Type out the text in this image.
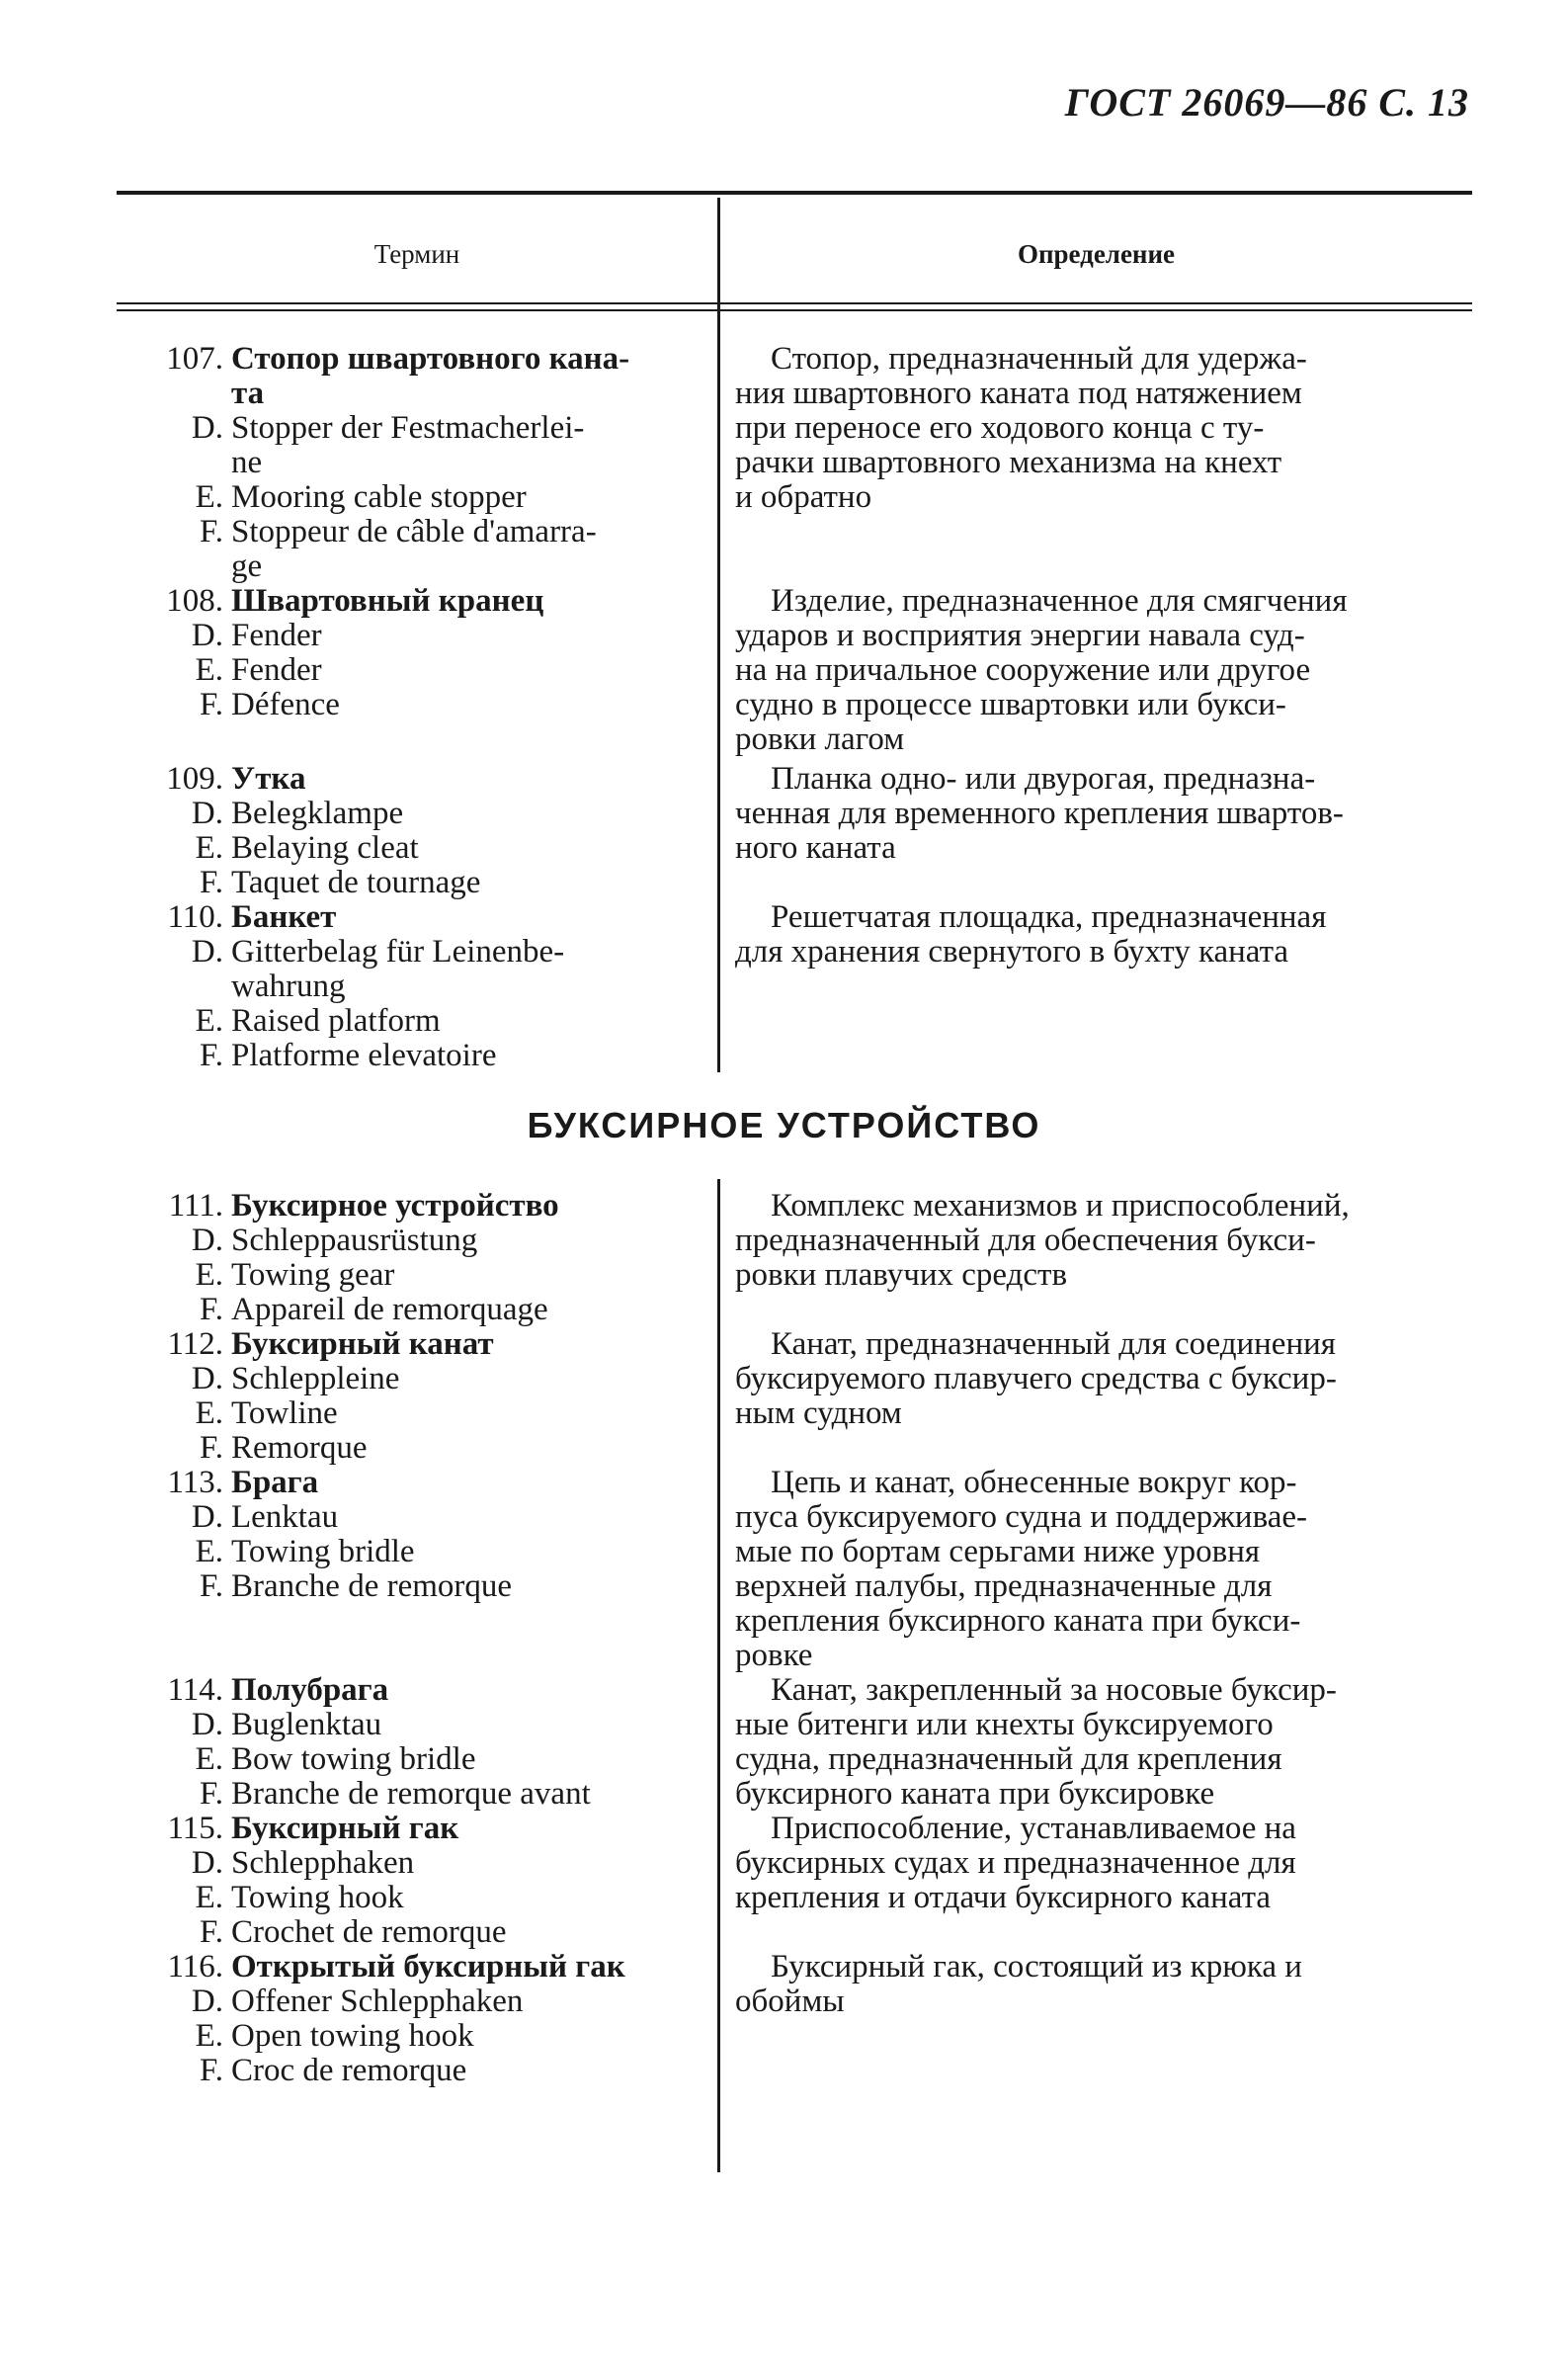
ГОСТ 26069—86 С. 13
Термин	Определение
107. Стопор швартовного кана-
та
D. Stopper der Festmacherlei-
ne
E. Mooring cable stopper
F. Stoppeur de câble d'amarra-
ge
108. Швартовный кранец
D. Fender
E. Fender
F. Défence
109. Утка
D. Belegklampe
E. Belaying cleat
F. Taquet de tournage
110. Банкет
D. Gitterbelag für Leinenbe-
wahrung
E. Raised platform
F. Platforme elevatoire
Стопор, предназначенный для удержа-
ния швартовного каната под натяжением
при переносе его ходового конца с ту-
рачки швартовного механизма на кнехт
и обратно
Изделие, предназначенное для смягчения
ударов и восприятия энергии навала суд-
на на причальное сооружение или другое
судно в процессе швартовки или букси-
ровки лагом
Планка одно- или двурогая, предназна-
ченная для временного крепления швартов-
ного каната
Решетчатая площадка, предназначенная
для хранения свернутого в бухту каната
БУКСИРНОЕ УСТРОЙСТВО
111. Буксирное устройство
D. Schleppausrüstung
E. Towing gear
F. Appareil de remorquage
112. Буксирный канат
D. Schleppleine
E. Towline
F. Remorque
113. Брага
D. Lenktau
E. Towing bridle
F. Branche de remorque
114. Полубрага
D. Buglenktau
E. Bow towing bridle
F. Branche de remorque avant
115. Буксирный гак
D. Schlepphaken
E. Towing hook
F. Crochet de remorque
116. Открытый буксирный гак
D. Offener Schlepphaken
E. Open towing hook
F. Croc de remorque
Комплекс механизмов и приспособлений,
предназначенный для обеспечения букси-
ровки плавучих средств
Канат, предназначенный для соединения
буксируемого плавучего средства с буксир-
ным судном
Цепь и канат, обнесенные вокруг кор-
пуса буксируемого судна и поддерживае-
мые по бортам серьгами ниже уровня
верхней палубы, предназначенные для
крепления буксирного каната при букси-
ровке
Канат, закрепленный за носовые буксир-
ные битенги или кнехты буксируемого
судна, предназначенный для крепления
буксирного каната при буксировке
Приспособление, устанавливаемое на
буксирных судах и предназначенное для
крепления и отдачи буксирного каната
Буксирный гак, состоящий из крюка и
обоймы
